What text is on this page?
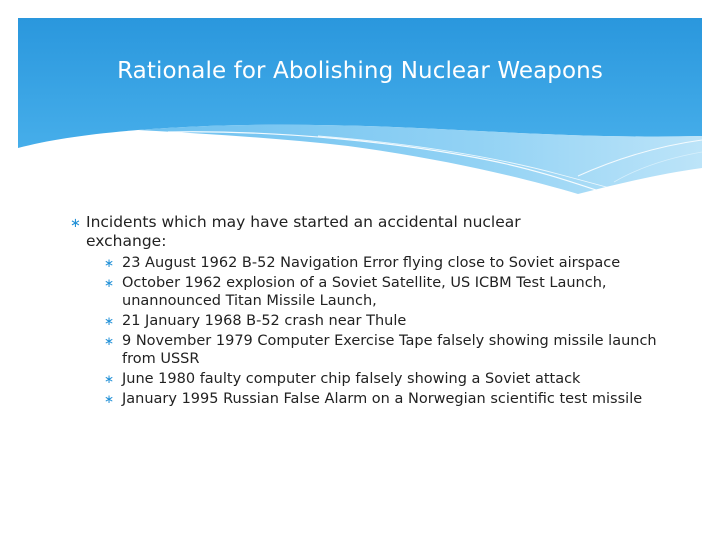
Rationale for Abolishing Nuclear Weapons
∗ Incidents which may have started an accidental nuclear exchange:
∗ 23 August 1962 B-52 Navigation Error flying close to Soviet airspace
∗ October 1962 explosion of a Soviet Satellite, US ICBM Test Launch, unannounced Titan Missile Launch,
∗ 21 January 1968 B-52 crash near Thule
∗ 9 November 1979 Computer Exercise Tape falsely showing missile launch from USSR
∗ June 1980 faulty computer chip falsely showing a Soviet attack
∗ January 1995 Russian False Alarm on a Norwegian scientific test missile
